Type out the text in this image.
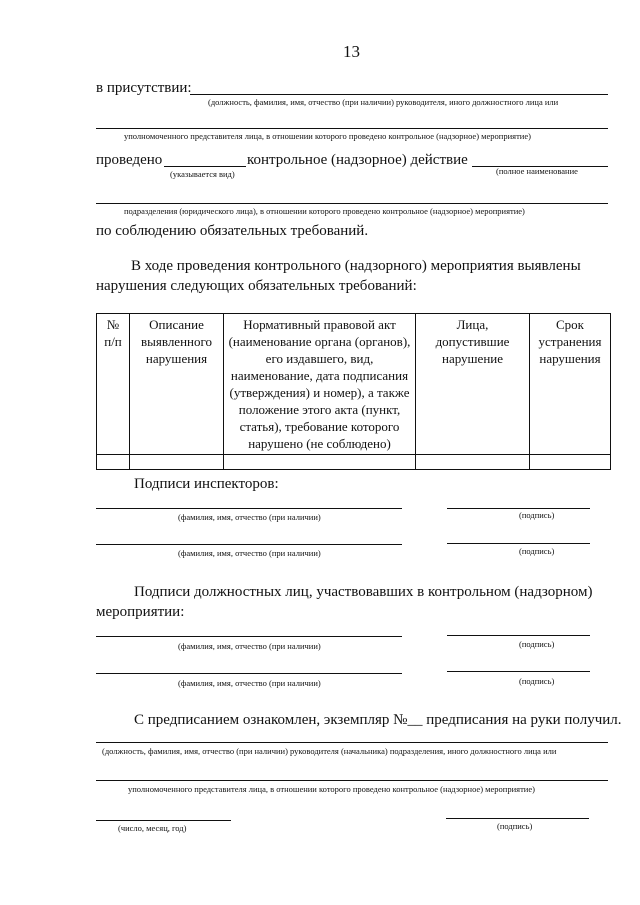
13
в присутствии:
(должность, фамилия, имя, отчество (при наличии) руководителя, иного должностного лица или
уполномоченного представителя лица, в отношении которого проведено контрольное (надзорное) мероприятие)
проведено	контрольное (надзорное) действие
(указывается вид)	(полное наименование
подразделения (юридического лица), в отношении которого проведено контрольное (надзорное) мероприятие)
по соблюдению обязательных требований.
В ходе проведения контрольного (надзорного) мероприятия выявлены
нарушения следующих обязательных требований:
№ п/п	Описание выявленного нарушения	Нормативный правовой акт (наименование органа (органов), его издавшего, вид, наименование, дата подписания (утверждения) и номер), а также положение этого акта (пункт, статья), требование которого нарушено (не соблюдено)	Лица, допустившие нарушение	Срок устранения нарушения

Подписи инспекторов:
(фамилия, имя, отчество (при наличии)	(подпись)
(фамилия, имя, отчество (при наличии)	(подпись)
Подписи должностных лиц, участвовавших в контрольном (надзорном)
мероприятии:
(фамилия, имя, отчество (при наличии)	(подпись)
(фамилия, имя, отчество (при наличии)	(подпись)
С предписанием ознакомлен, экземпляр №__ предписания на руки получил.
(должность, фамилия, имя, отчество (при наличии) руководителя (начальника) подразделения, иного должностного лица или
уполномоченного представителя лица, в отношении которого проведено контрольное (надзорное) мероприятие)
(число, месяц, год)	(подпись)
